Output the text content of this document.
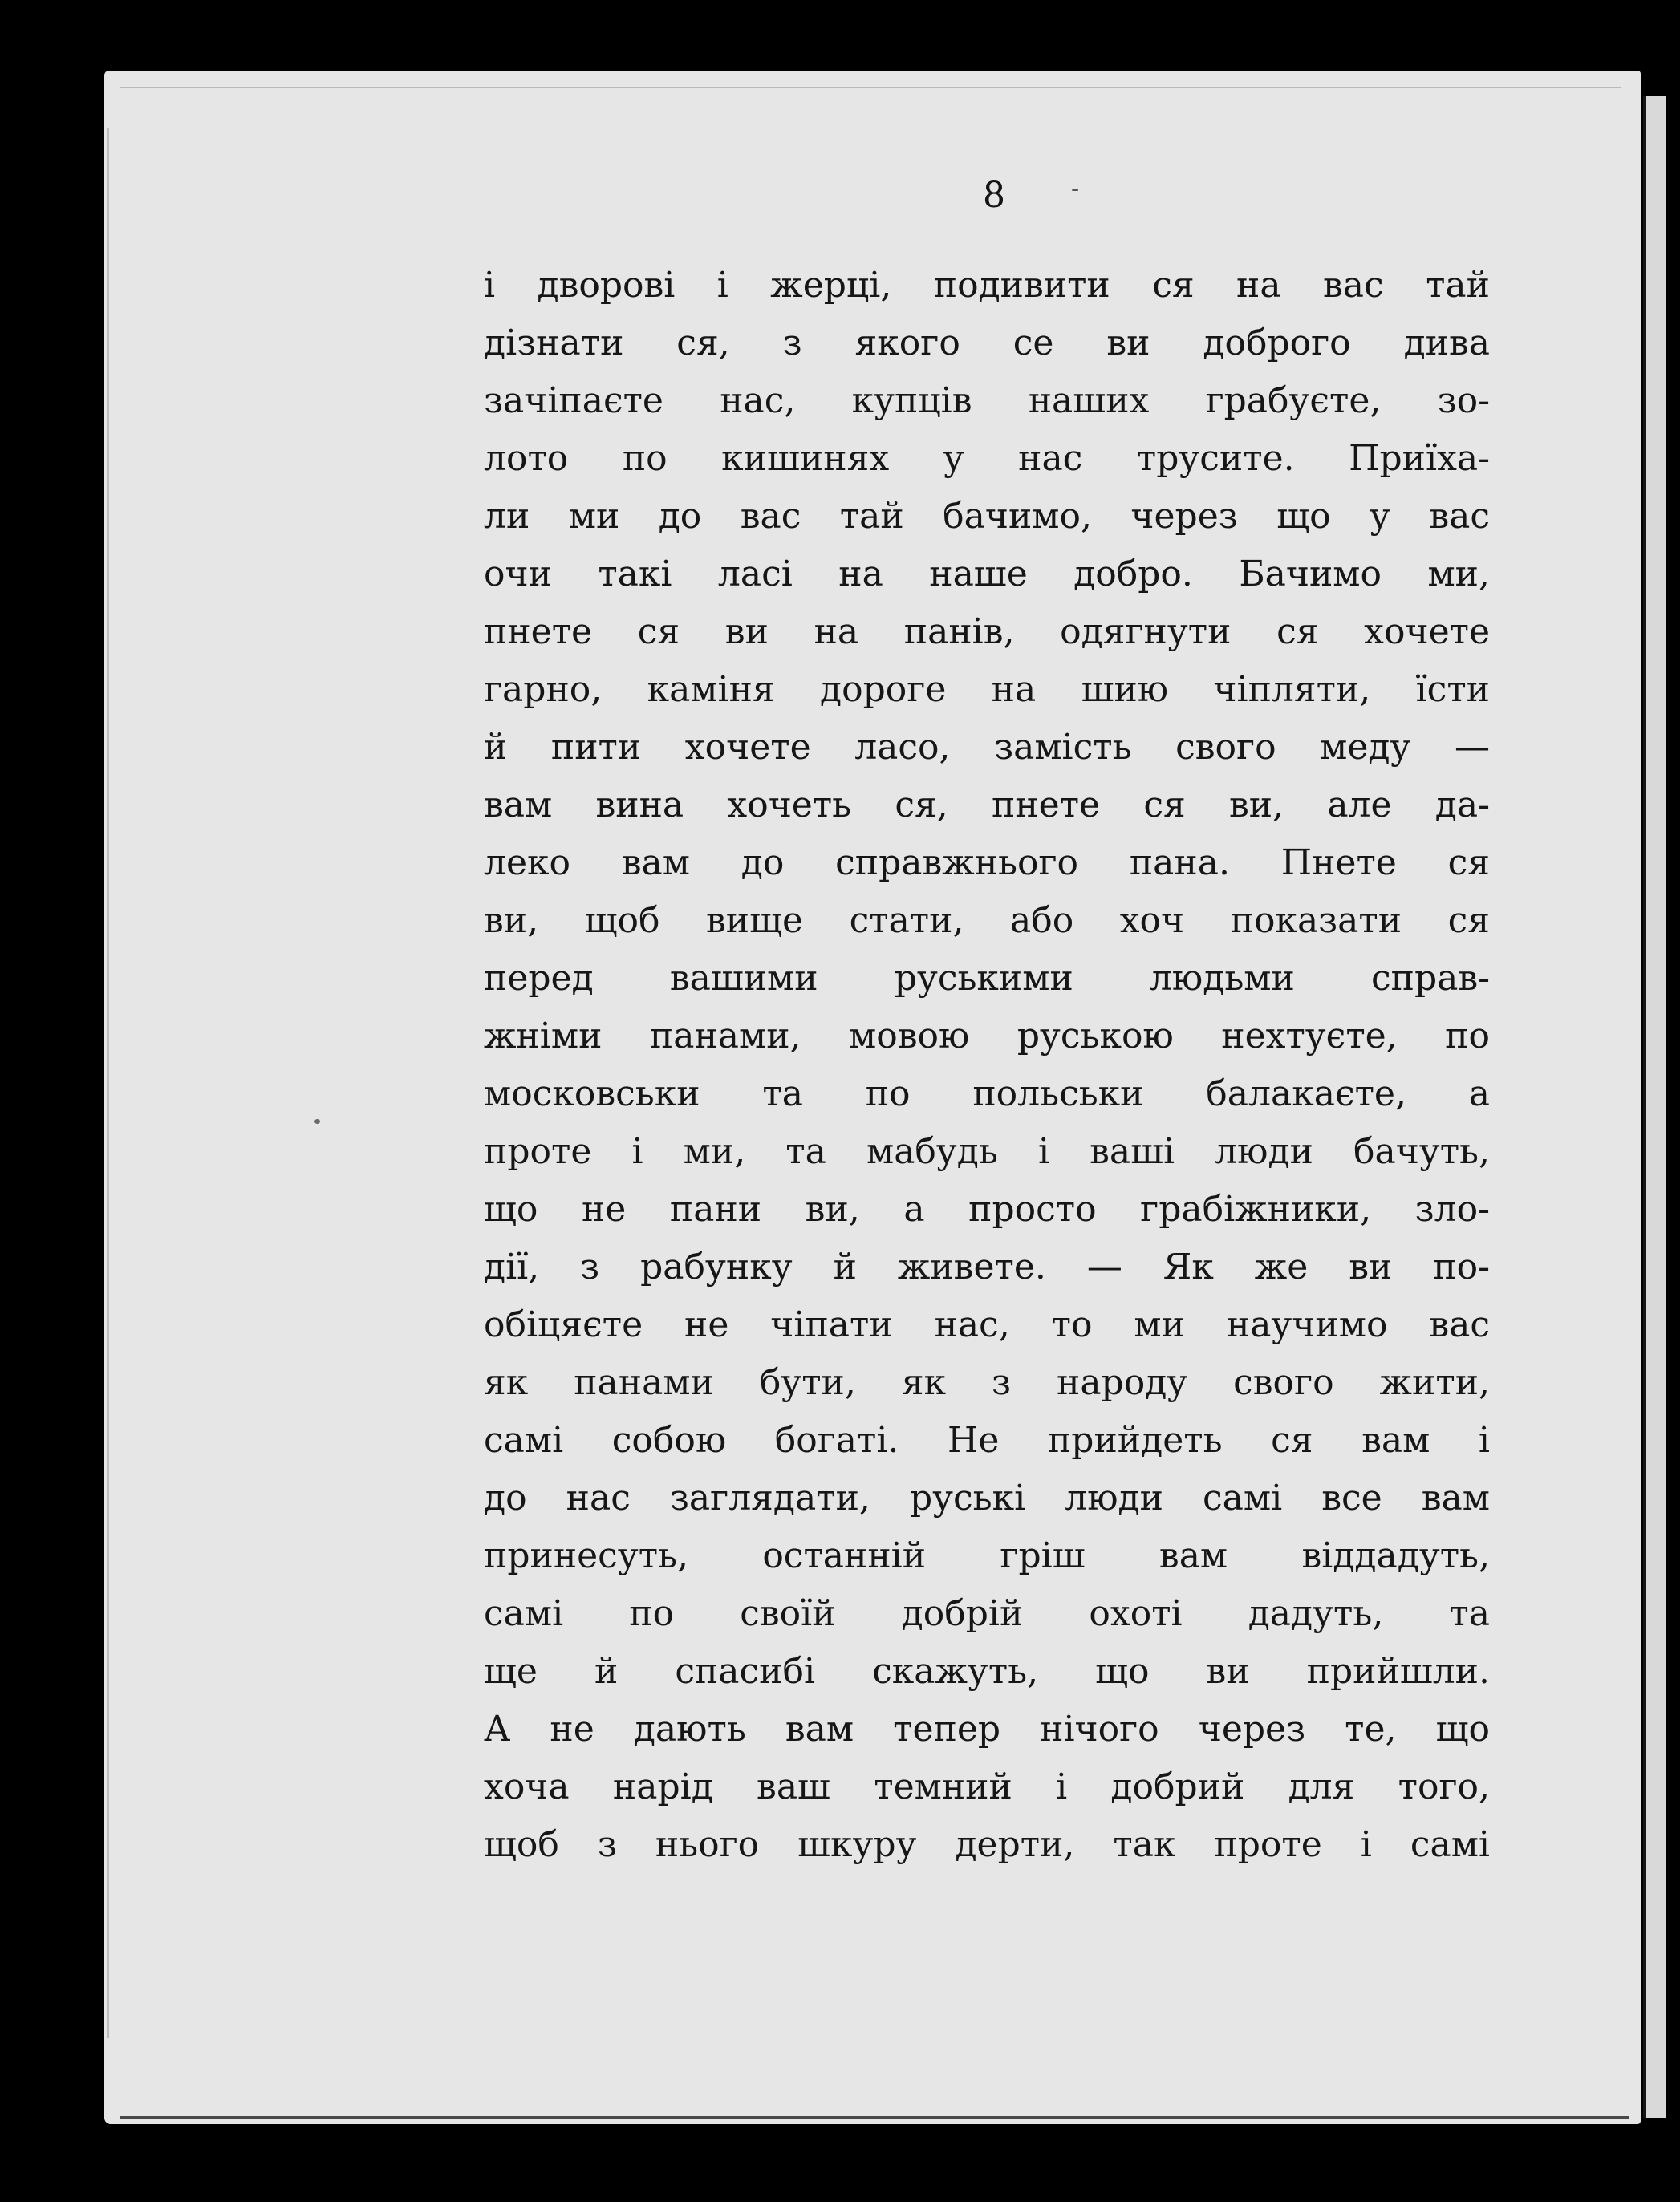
8	-
і дворові і жерці, подивити ся на вас тай
дізнати ся, з якого се ви доброго дива
зачіпаєте нас, купців наших грабуєте, зо-
лото по кишинях у нас трусите. Приїха-
ли ми до вас тай бачимо, через що у вас
очи такі ласі на наше добро. Бачимо ми,
пнете ся ви на панів, одягнути ся хочете
гарно, каміня дороге на шию чіпляти, їсти
й пити хочете ласо, замість свого меду —
вам вина хочеть ся, пнете ся ви, але да-
леко вам до справжнього пана. Пнете ся
ви, щоб вище стати, або хоч показати ся
перед вашими руськими людьми справ-
жніми панами, мовою руською нехтуєте, по
московськи та по польськи балакаєте, а
проте і ми, та мабудь і ваші люди бачуть,
що не пани ви, а просто грабіжники, зло-
дії, з рабунку й живете. — Як же ви по-
обіцяєте не чіпати нас, то ми научимо вас
як панами бути, як з народу свого жити,
самі собою богаті. Не прийдеть ся вам і
до нас заглядати, руські люди самі все вам
принесуть, останній гріш вам віддадуть,
самі по своїй добрій охоті дадуть, та
ще й спасибі скажуть, що ви прийшли.
А не дають вам тепер нічого через те, що
хоча нарід ваш темний і добрий для того,
щоб з нього шкуру дерти, так проте і самі
